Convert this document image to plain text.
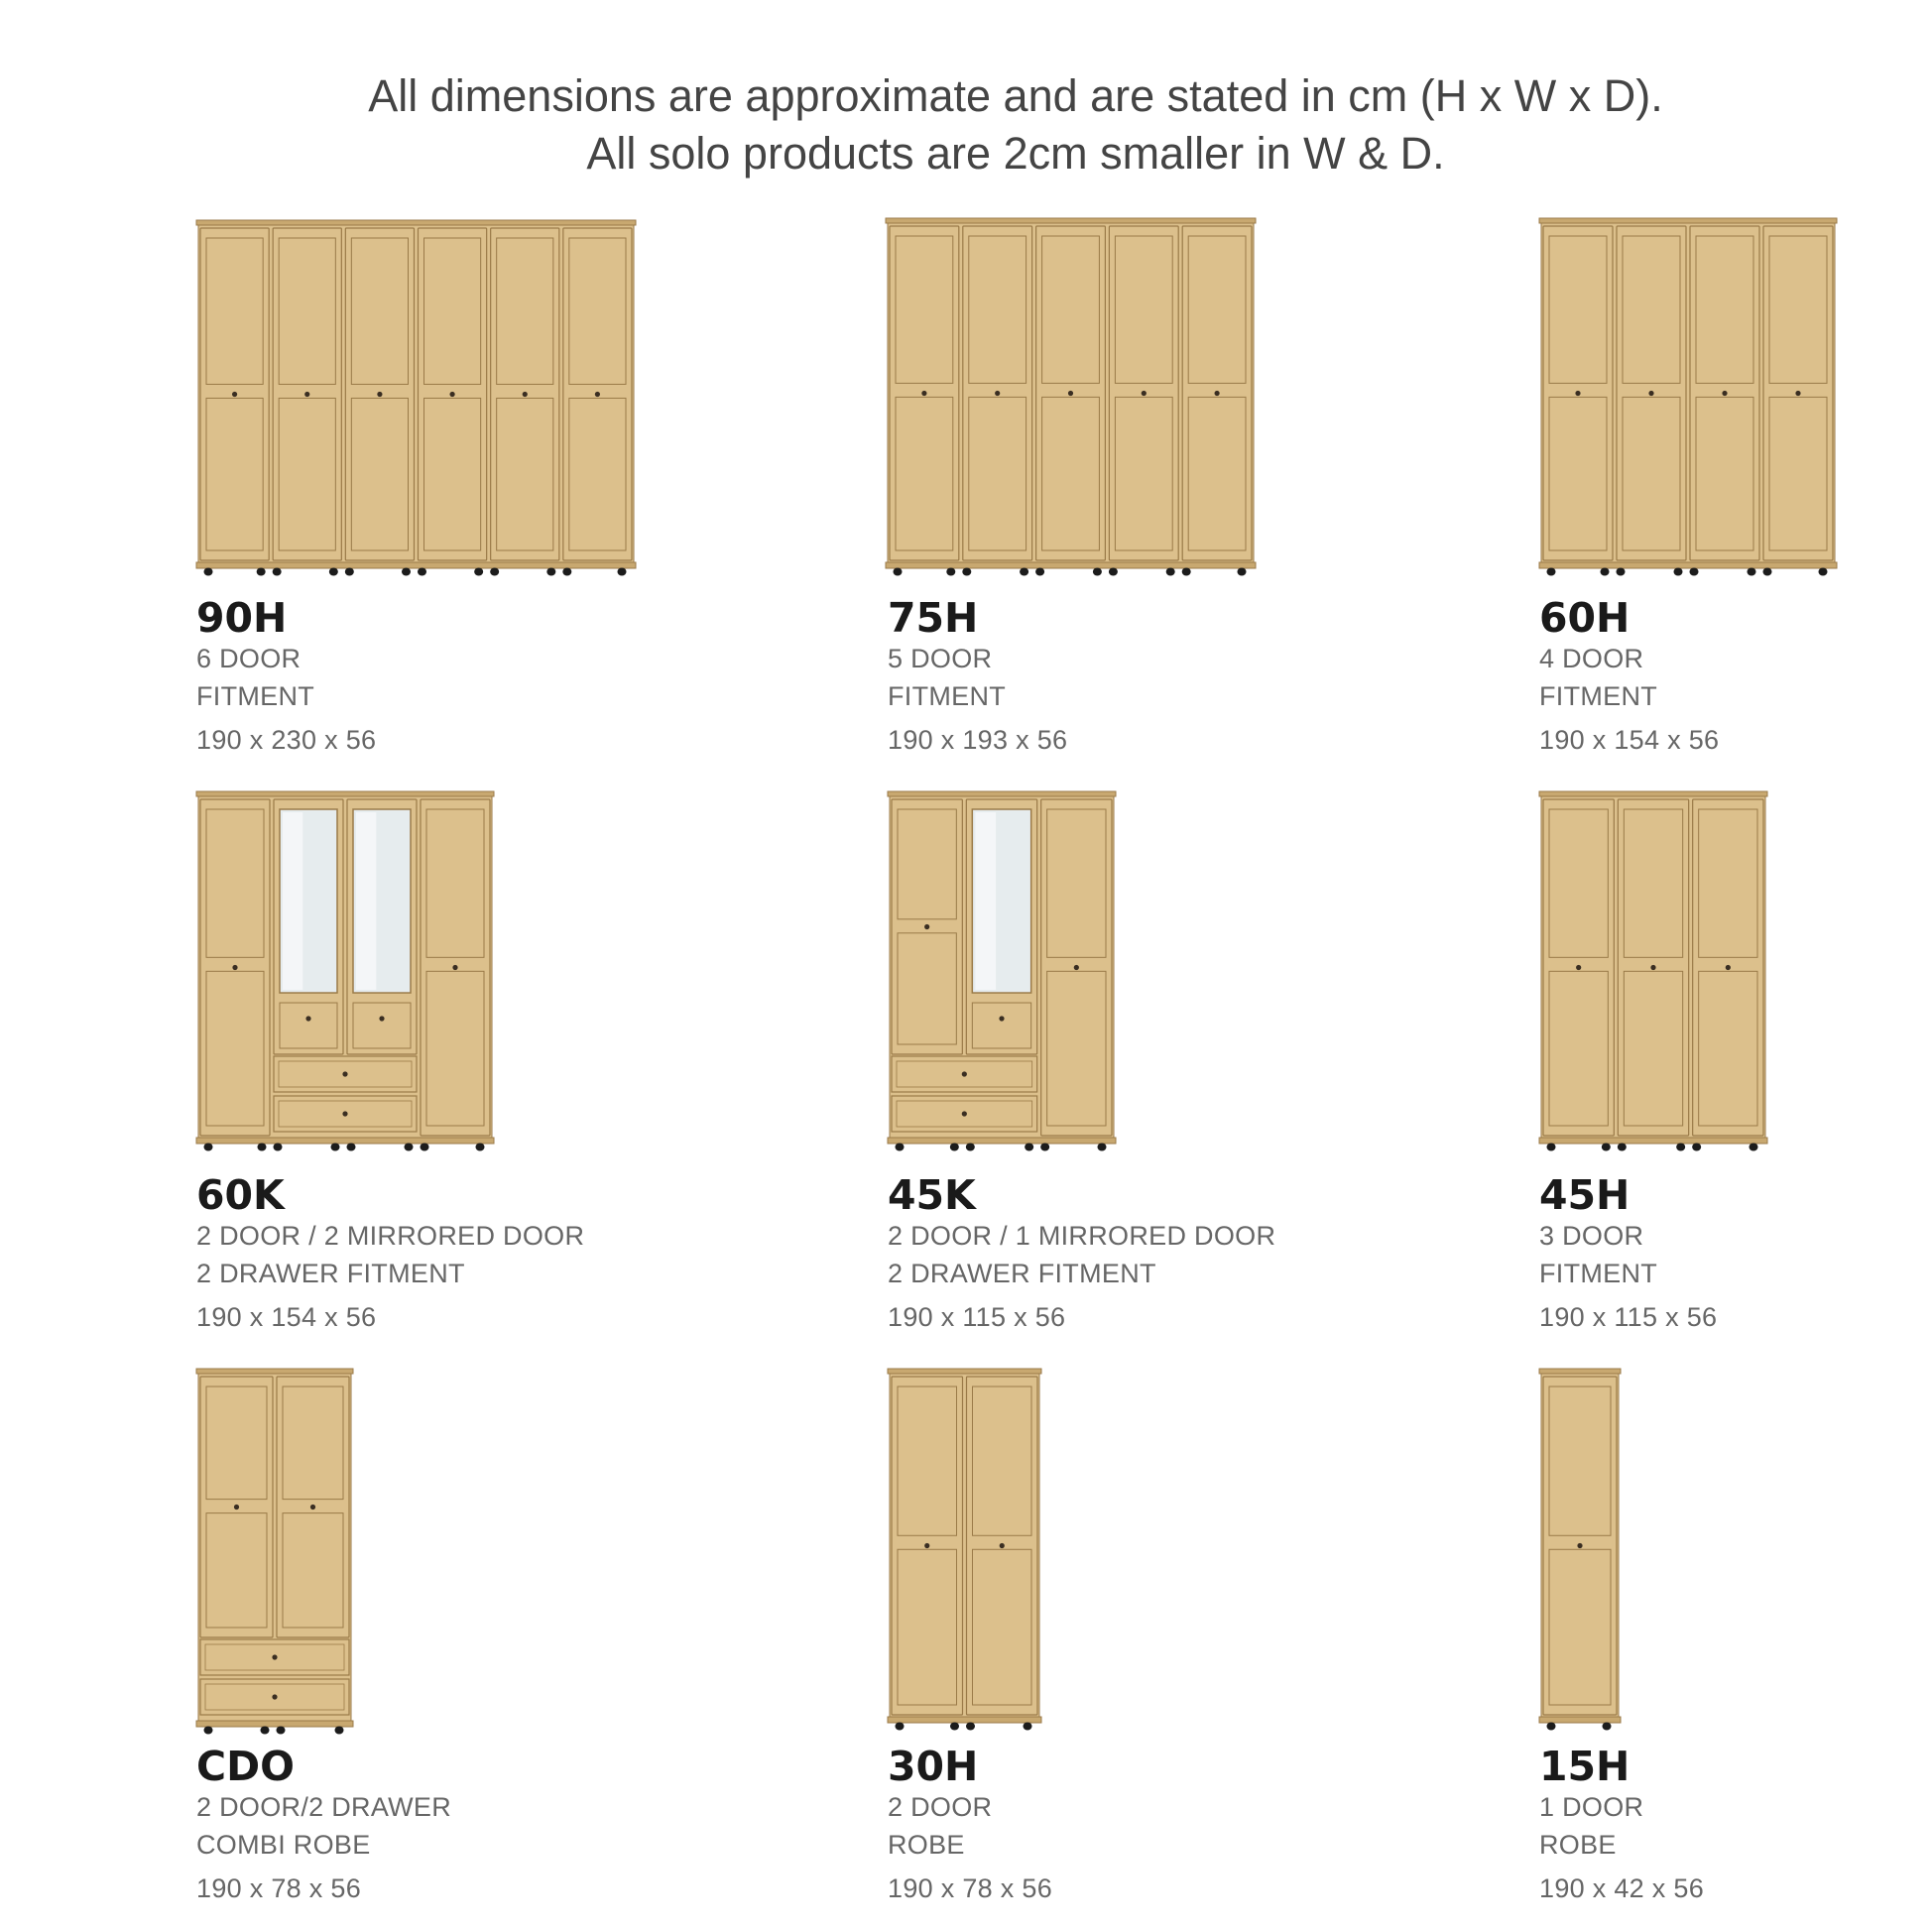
All dimensions are approximate and are stated in cm (H x W x D).
All solo products are 2cm smaller in W & D.
90H
6 DOOR
FITMENT
190 x 230 x 56
75H
5 DOOR
FITMENT
190 x 193 x 56
60H
4 DOOR
FITMENT
190 x 154 x 56
60K
2 DOOR / 2 MIRRORED DOOR
2 DRAWER FITMENT
190 x 154 x 56
45K
2 DOOR / 1 MIRRORED DOOR
2 DRAWER FITMENT
190 x 115 x 56
45H
3 DOOR
FITMENT
190 x 115 x 56
CDO
2 DOOR/2 DRAWER
COMBI ROBE
190 x 78 x 56
30H
2 DOOR
ROBE
190 x 78 x 56
15H
1 DOOR
ROBE
190 x 42 x 56
